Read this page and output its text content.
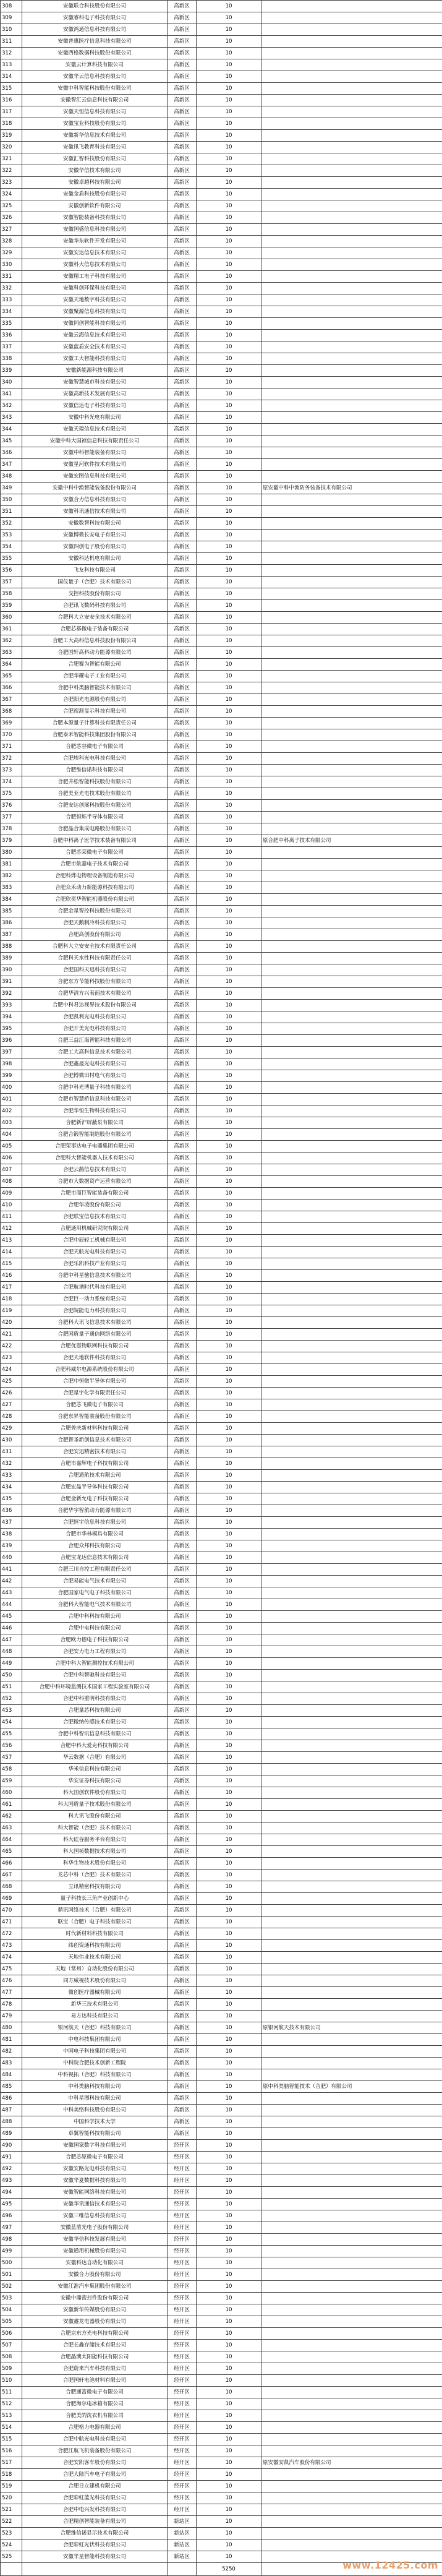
308	安徽联合科技股份有限公司	高新区	10	
309	安徽睿科电子科技有限公司	高新区	10	
310	安徽鸿通信息科技有限公司	高新区	10	
311	安徽普惠医疗信息科技有限公司	高新区	10	
312	安徽西格数据科技股份有限公司	高新区	10	
313	安徽云计算科技有限公司	高新区	10	
314	安徽华云信息科技有限公司	高新区	10	
315	安徽中科智能科技股份有限公司	高新区	10	
316	安徽智汇云信息科技有限公司	高新区	10	
317	安徽天恒信息科技有限公司	高新区	10	
318	安徽宝业科技股份有限公司	高新区	10	
319	安徽新华信息技术有限公司	高新区	10	
320	安徽讯飞教育科技有限公司	高新区	10	
321	安徽汇智科技股份有限公司	高新区	10	
322	安徽华信技术有限公司	高新区	10	
323	安徽卓越科技有限公司	高新区	10	
324	安徽金盾科技股份有限公司	高新区	10	
325	安徽创新软件有限公司	高新区	10	
326	安徽智能装备科技有限公司	高新区	10	
327	安徽国盛信息科技有限公司	高新区	10	
328	安徽华东软件开发有限公司	高新区	10	
329	安徽安达信息技术有限公司	高新区	10	
330	安徽科大信息技术有限公司	高新区	10	
331	安徽精工电子科技有限公司	高新区	10	
332	安徽科创环保科技有限公司	高新区	10	
333	安徽天地数字科技有限公司	高新区	10	
334	安徽聚源信息科技有限公司	高新区	10	
335	安徽同创智能科技有限公司	高新区	10	
336	安徽云海信息技术有限公司	高新区	10	
337	安徽蓝盾安全技术有限公司	高新区	10	
338	安徽工大智能科技有限公司	高新区	10	
339	安徽新能源科技有限公司	高新区	10	
340	安徽智慧城市科技有限公司	高新区	10	
341	安徽高新技术发展有限公司	高新区	10	
342	安徽信达电子科技有限公司	高新区	10	
343	安徽中科光电有限公司	高新区	10	
344	安徽天瑞信息技术有限公司	高新区	10	
345	安徽中科大国祯信息科技有限责任公司	高新区	10	
346	安徽中科智能装备有限公司	高新区	10	
347	安徽星河软件技术有限公司	高新区	10	
348	安徽宏图信息科技有限公司	高新区	10	
349	安徽中科中涣智能装备股份有限公司	高新区	10	原安徽中科中涣防务装备技术有限公司
350	安徽合力信息科技有限公司	高新区	10	
351	安徽科讯通信技术有限公司	高新区	10	
352	安徽数智科技有限公司	高新区	10	
353	安徽博微长安电子有限公司	高新区	10	
354	安徽四创电子股份有限公司	高新区	10	
355	安徽科达机电有限公司	高新区	10	
356	飞友科技有限公司	高新区	10	
357	国仪量子（合肥）技术有限公司	高新区	10	
358	交控科技股份有限公司	高新区	10	
359	合肥讯飞数码科技有限公司	高新区	10	
360	合肥科大立安安全技术有限公司	高新区	10	
361	合肥芯碁微电子装备有限公司	高新区	10	
362	合肥工大高科信息科技股份有限公司	高新区	10	
363	合肥国轩高科动力能源有限公司	高新区	10	
364	合肥赛为智能有限公司	高新区	10	
365	合肥华耀电子工业有限公司	高新区	10	
366	合肥中科类脑智能技术有限公司	高新区	10	
367	合肥阳光电源股份有限公司	高新区	10	
368	合肥视涯显示科技有限公司	高新区	10	
369	合肥本源量子计算科技有限责任公司	高新区	10	
370	合肥泰禾智能科技集团股份有限公司	高新区	10	
371	合肥芯谷微电子有限公司	高新区	10	
372	合肥埃科光电科技有限公司	高新区	10	
373	合肥维信诺科技有限公司	高新区	10	
374	合肥井松智能科技股份有限公司	高新区	10	
375	合肥美亚光电技术股份有限公司	高新区	10	
376	合肥安达创展科技股份有限公司	高新区	10	
377	合肥恒烁半导体有限公司	高新区	10	
378	合肥晶合集成电路股份有限公司	高新区	10	
379	合肥中科离子医学技术装备有限公司	高新区	10	原合肥中科离子技术有限公司
380	合肥芯荣微电子有限公司	高新区	10	
381	合肥市航嘉电子技术有限公司	高新区	10	
382	合肥科烨电物理设备制造有限公司	高新区	10	
383	合肥众禾动力新能源科技有限公司	高新区	10	
384	合肥欣奕华智能机器股份有限公司	高新区	10	
385	合肥金星智控科技股份有限公司	高新区	10	
386	合肥天鹅制冷科技有限公司	高新区	10	
387	合肥高创股份有限公司	高新区	10	
388	合肥科大立安安全技术有限责任公司	高新区	10	
389	合肥科天水性科技有限责任公司	高新区	10	
390	合肥国科天迅科技有限公司	高新区	10	
391	合肥东方节能科技股份有限公司	高新区	10	
392	合肥华清方兴表面技术有限公司	高新区	10	
393	合肥中科君达视界技术股份有限公司	高新区	10	
394	合肥凯利光电科技有限公司	高新区	10	
395	合肥开美光电科技有限公司	高新区	10	
396	合肥三益江海智能科技有限公司	高新区	10	
397	合肥工大高科信息技术有限公司	高新区	10	
398	合肥鑫晟光电科技有限公司	高新区	10	
399	合肥博微田村电气有限公司	高新区	10	
400	合肥中科光博量子科技有限公司	高新区	10	
401	合肥市智慧桥信息科技有限公司	高新区	10	
402	合肥华恒生物科技有限公司	高新区	10	
403	合肥新沪屏蔽泵有限公司	高新区	10	
404	合肥合锻智能制造股份有限公司	高新区	10	
405	合肥荣事达电子电器集团有限公司	高新区	10	
406	合肥科大智能机器人技术有限公司	高新区	10	
407	合肥云鹊信息技术有限公司	高新区	10	
408	合肥市大数据资产运营有限公司	高新区	10	
409	合肥市商巨智能装备有限公司	高新区	10	
410	合肥华凌股份有限公司	高新区	10	
411	合肥联宝信息技术有限公司	高新区	10	
412	合肥通用机械研究院有限公司	高新区	10	
413	合肥中辰轻工机械有限公司	高新区	10	
414	合肥天航光电科技有限公司	高新区	10	
415	合肥乐凯科技产业有限公司	高新区	10	
416	合肥中科星驰信息技术有限公司	高新区	10	
417	合肥航谱时代科技有限公司	高新区	10	
418	合肥巨一动力系统有限公司	高新区	10	
419	合肥皖能电力科技有限公司	高新区	10	
420	合肥科大讯飞信息技术有限公司	高新区	10	
421	合肥国盾量子通信网络有限公司	高新区	10	
422	合肥优恩物联网科技有限公司	高新区	10	
423	合肥天地软件科技有限公司	高新区	10	
424	合肥科威尔电源系统股份有限公司	高新区	10	
425	合肥中恒微半导体有限公司	高新区	10	
426	合肥星宇化学有限责任公司	高新区	10	
427	合肥芯飞微电子有限公司	高新区	10	
428	合肥东昇智能装备股份有限公司	高新区	10	
429	合肥普庆新材料科技有限公司	高新区	10	
430	合肥智圣新创信息技术有限公司	高新区	10	
431	合肥安迅精密技术有限公司	高新区	10	
432	合肥市嘉辉电子科技有限公司	高新区	10	
433	合肥通航技术有限公司	高新区	10	
434	合肥宏晶半导体科技有限公司	高新区	10	
435	合肥金新允电子科技有限公司	高新区	10	
436	合肥华宇智航动力能源有限公司	高新区	10	
437	合肥恒宇信息科技有限公司	高新区	10	
438	合肥市华林模具有限公司	高新区	10	
439	合肥众邦科技有限公司	高新区	10	
440	合肥宝龙达信息技术有限公司	高新区	10	
441	合肥三川自控工程有限责任公司	高新区	10	
442	合肥易能电气技术有限公司	高新区	10	
443	合肥国家电气电子科技有限公司	高新区	10	
444	合肥科大智能电气技术有限公司	高新区	10	
445	合肥中科科技有限公司	高新区	10	
446	合肥中电科技有限公司	高新区	10	
447	合肥欧力德电子科技有限公司	高新区	10	
448	合肥安力电力工程有限公司	高新区	10	
449	合肥中科大智能测控技术有限公司	高新区	10	
450	合肥中科智驰科技有限公司	高新区	10	
451	合肥中科环境监测技术国家工程实验室有限公司	高新区	10	
452	合肥中科重明科技有限公司	高新区	10	
453	合肥量芯科技有限公司	高新区	10	
454	合肥微纳传感技术有限公司	高新区	10	
455	合肥中科智讯信息科技有限公司	高新区	10	
456	合肥中科大爱克科技有限公司	高新区	10	
457	华云数据（合肥）有限公司	高新区	10	
458	华米信息科技有限公司	高新区	10	
459	华安证券科技有限公司	高新区	10	
460	科大国创软件股份有限公司	高新区	10	
461	科大国盾量子技术股份有限公司	高新区	10	
462	科大讯飞股份有限公司	高新区	10	
463	科大智能（合肥）技术有限公司	高新区	10	
464	科大硅谷服务平台有限公司	高新区	10	
465	科大国祯数据技术有限公司	高新区	10	
466	科华生物技术股份有限公司	高新区	10	
467	龙芯中科（合肥）技术有限公司	高新区	10	
468	立讯精密科技有限公司	高新区	10	
469	量子科技长三角产业创新中心	高新区	10	
470	鼎讯网络技术（合肥）有限公司	高新区	10	
471	联宝（合肥）电子科技有限公司	高新区	10	
472	时代新材料科技有限公司	高新区	10	
473	纬创资通科技有限公司	高新区	10	
474	天地伟业技术有限公司	高新区	10	
475	天地（常州）自动化股份有限公司	高新区	10	
476	同方威视技术股份有限公司	高新区	10	
477	微创医疗器械有限公司	高新区	10	
478	新华三技术有限公司	高新区	10	
479	易方达科技有限公司	高新区	10	
480	银河航天（合肥）科技有限公司	高新区	10	原银河航天技术有限公司
481	中电科技集团有限公司	高新区	10	
482	中国电子科技集团有限公司	高新区	10	
483	中科院合肥技术创新工程院	高新区	10	
484	中科视拓（合肥）科技有限公司	高新区	10	
485	中科类脑科技有限公司	高新区	10	原中科类脑智能技术（合肥）有限公司
486	中科星图科技有限公司	高新区	10	
487	中科美络科技股份有限公司	高新区	10	
488	中国科学技术大学	高新区	10	
489	卓翼智能科技有限公司	高新区	10	
490	安徽国家数字科技有限公司	经开区	10	
491	合肥芯原微电子有限公司	经开区	10	
492	安徽安路光电科技有限公司	经开区	10	
493	安徽华夏数据科技有限公司	经开区	10	
494	安徽智能网络科技有限公司	经开区	10	
495	安徽华讯通信技术有限公司	经开区	10	
496	安徽三维信息科技有限公司	经开区	10	
497	安徽蓝盾光电子股份有限公司	经开区	10	
498	安徽华信科技发展有限公司	经开区	10	
499	安徽通用机械股份有限公司	经开区	10	
500	安徽科达自动化有限公司	经开区	10	
501	安徽合力股份有限公司	经开区	10	
502	安徽江淮汽车集团股份有限公司	经开区	10	
503	安徽中鼎密封件股份有限公司	经开区	10	
504	安徽新华传媒股份有限公司	经开区	10	
505	安徽鑫龙电器股份有限公司	经开区	10	
506	合肥京东方光电科技有限公司	经开区	10	
507	合肥长鑫存储技术有限公司	经开区	10	
508	合肥晶澳太阳能科技有限公司	经开区	10	
509	合肥蔚来汽车科技有限公司	经开区	10	
510	合肥国轩电池材料有限公司	经开区	10	
511	合肥通富微电子有限公司	经开区	10	
512	合肥海尔电冰箱有限公司	经开区	10	
513	合肥美的洗衣机有限公司	经开区	10	
514	合肥格力电器有限公司	经开区	10	
515	合肥中航光电科技有限公司	经开区	10	
516	合肥江航飞机装备股份有限公司	经开区	10	
517	合肥安凯客车股份有限公司	经开区	10	原安徽安凯汽车股份有限公司
518	合肥大陆汽车电子有限公司	经开区	10	
519	合肥日立建机有限公司	经开区	10	
520	合肥彩虹蓝光科技有限公司	经开区	10	
521	合肥中电兴发科技有限公司	经开区	10	
522	合肥精创智能装备有限公司	新站区	10	
523	合肥维信诺显示技术有限公司	新站区	10	
524	合肥彩虹光伏科技有限公司	新站区	10	
525	安徽华星智能科技有限公司	新站区	10	
			5250		www.12425.com
